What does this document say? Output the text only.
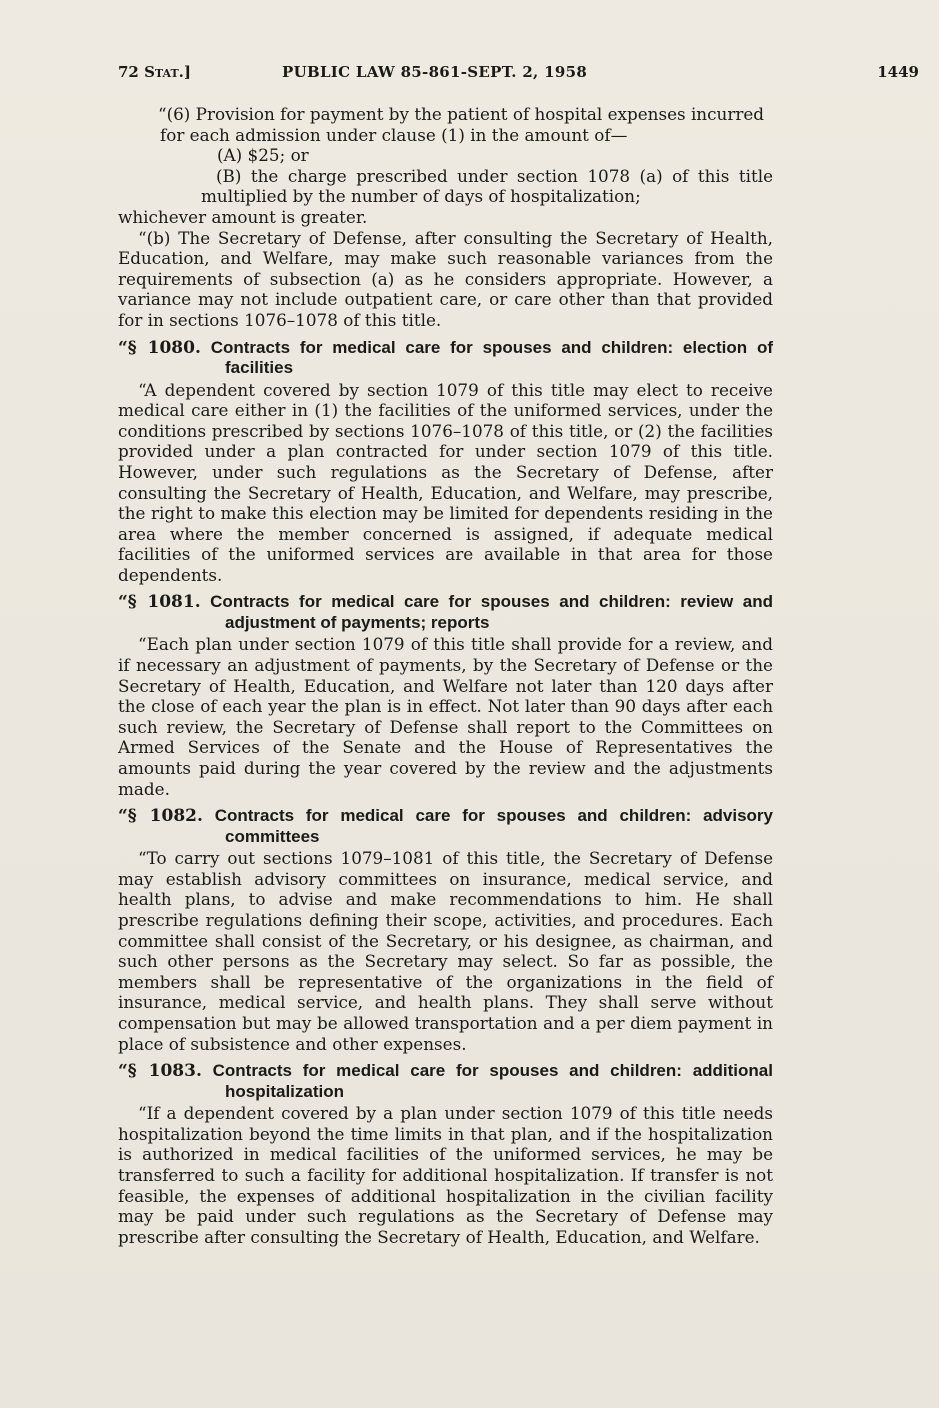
72 Stat.]	PUBLIC LAW 85-861-SEPT. 2, 1958	1449

“(6) Provision for payment by the patient of hospital expenses incurred for each admission under clause (1) in the amount of—

(A) $25; or

(B) the charge prescribed under section 1078 (a) of this title multiplied by the number of days of hospitalization;

whichever amount is greater.

“(b) The Secretary of Defense, after consulting the Secretary of Health, Education, and Welfare, may make such reasonable variances from the requirements of subsection (a) as he considers appropriate. However, a variance may not include outpatient care, or care other than that provided for in sections 1076–1078 of this title.

“§ 1080. Contracts for medical care for spouses and children: election of facilities

“A dependent covered by section 1079 of this title may elect to receive medical care either in (1) the facilities of the uniformed services, under the conditions prescribed by sections 1076–1078 of this title, or (2) the facilities provided under a plan contracted for under section 1079 of this title. However, under such regulations as the Secretary of Defense, after consulting the Secretary of Health, Education, and Welfare, may prescribe, the right to make this election may be limited for dependents residing in the area where the member concerned is assigned, if adequate medical facilities of the uniformed services are available in that area for those dependents.

“§ 1081. Contracts for medical care for spouses and children: review and adjustment of payments; reports

“Each plan under section 1079 of this title shall provide for a review, and if necessary an adjustment of payments, by the Secretary of Defense or the Secretary of Health, Education, and Welfare not later than 120 days after the close of each year the plan is in effect. Not later than 90 days after each such review, the Secretary of Defense shall report to the Committees on Armed Services of the Senate and the House of Representatives the amounts paid during the year covered by the review and the adjustments made.

“§ 1082. Contracts for medical care for spouses and children: advisory committees

“To carry out sections 1079–1081 of this title, the Secretary of Defense may establish advisory committees on insurance, medical service, and health plans, to advise and make recommendations to him. He shall prescribe regulations defining their scope, activities, and procedures. Each committee shall consist of the Secretary, or his designee, as chairman, and such other persons as the Secretary may select. So far as possible, the members shall be representative of the organizations in the field of insurance, medical service, and health plans. They shall serve without compensation but may be allowed transportation and a per diem payment in place of subsistence and other expenses.

“§ 1083. Contracts for medical care for spouses and children: additional hospitalization

“If a dependent covered by a plan under section 1079 of this title needs hospitalization beyond the time limits in that plan, and if the hospitalization is authorized in medical facilities of the uniformed services, he may be transferred to such a facility for additional hospitalization. If transfer is not feasible, the expenses of additional hospitalization in the civilian facility may be paid under such regulations as the Secretary of Defense may prescribe after consulting the Secretary of Health, Education, and Welfare.
